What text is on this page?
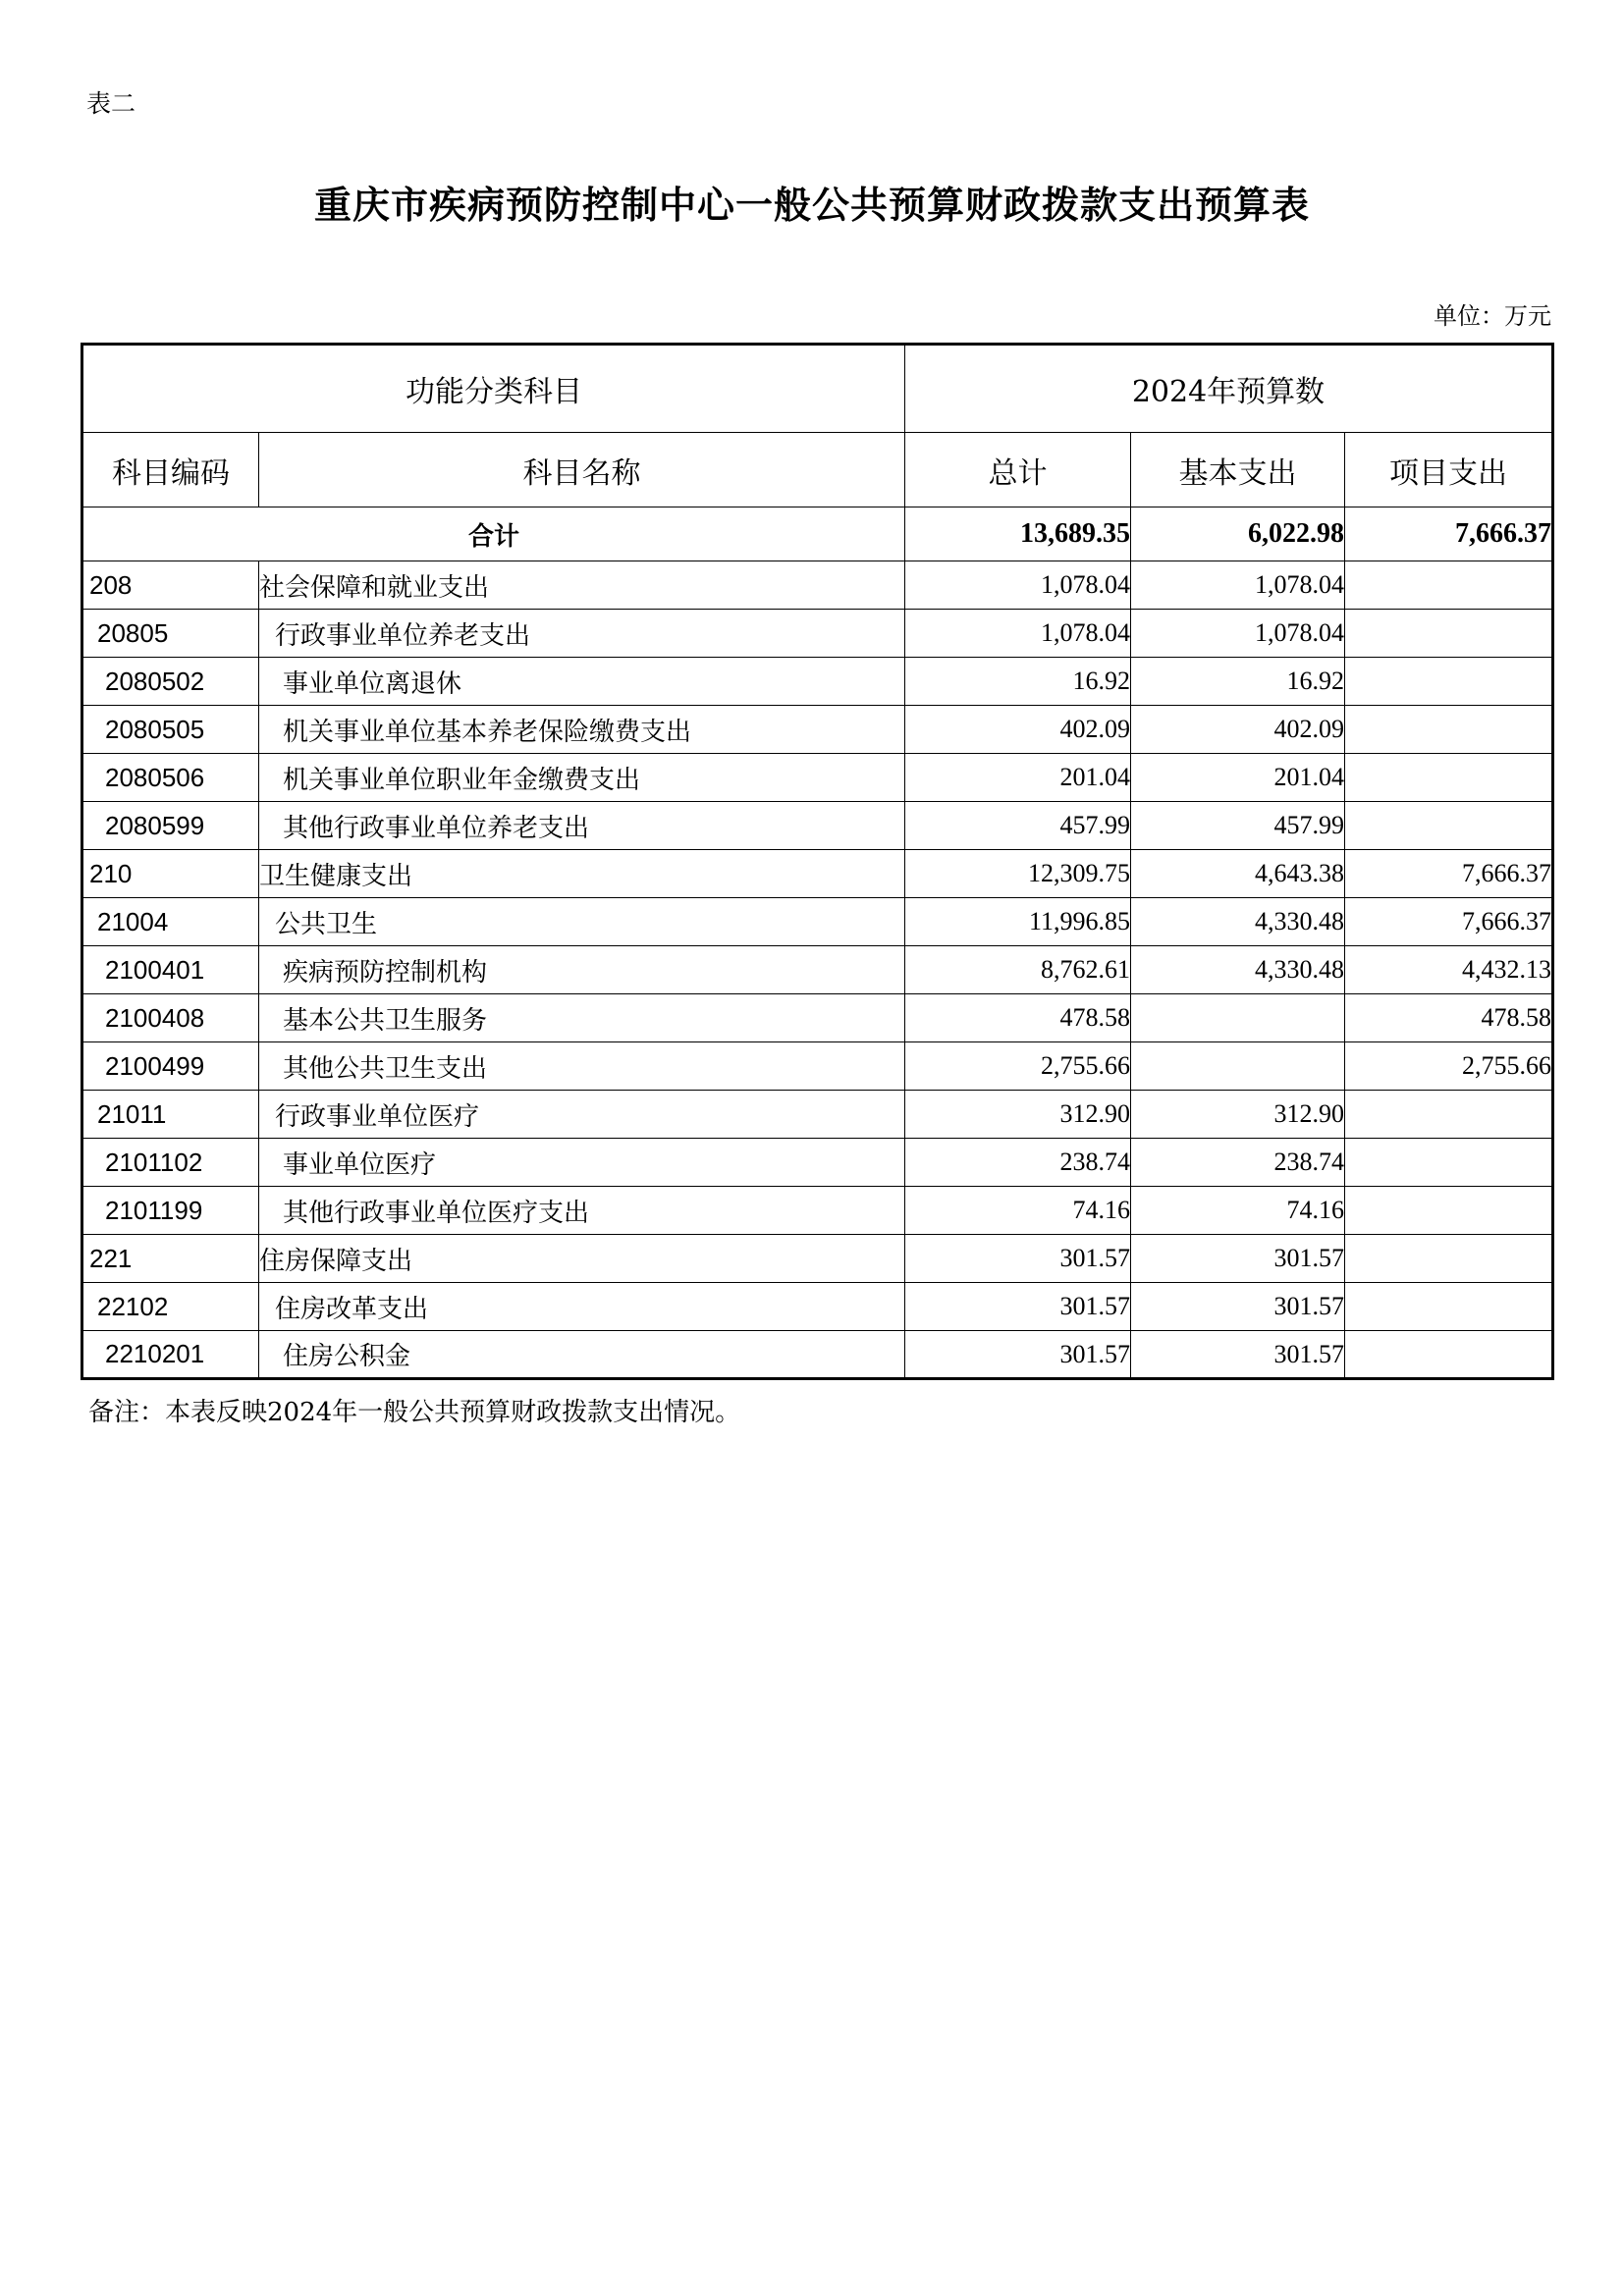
表二
重庆市疾病预防控制中心一般公共预算财政拨款支出预算表
单位：万元
功能分类科目		2024年预算数		
科目编码	科目名称	总计	基本支出	项目支出
合计		13,689.35	6,022.98	7,666.37
208	社会保障和就业支出	1,078.04	1,078.04	
20805	行政事业单位养老支出	1,078.04	1,078.04	
2080502	事业单位离退休	16.92	16.92	
2080505	机关事业单位基本养老保险缴费支出	402.09	402.09	
2080506	机关事业单位职业年金缴费支出	201.04	201.04	
2080599	其他行政事业单位养老支出	457.99	457.99	
210	卫生健康支出	12,309.75	4,643.38	7,666.37
21004	公共卫生	11,996.85	4,330.48	7,666.37
2100401	疾病预防控制机构	8,762.61	4,330.48	4,432.13
2100408	基本公共卫生服务	478.58		478.58
2100499	其他公共卫生支出	2,755.66		2,755.66
21011	行政事业单位医疗	312.90	312.90	
2101102	事业单位医疗	238.74	238.74	
2101199	其他行政事业单位医疗支出	74.16	74.16	
221	住房保障支出	301.57	301.57	
22102	住房改革支出	301.57	301.57	
2210201	住房公积金	301.57	301.57	
备注：本表反映2024年一般公共预算财政拨款支出情况。
